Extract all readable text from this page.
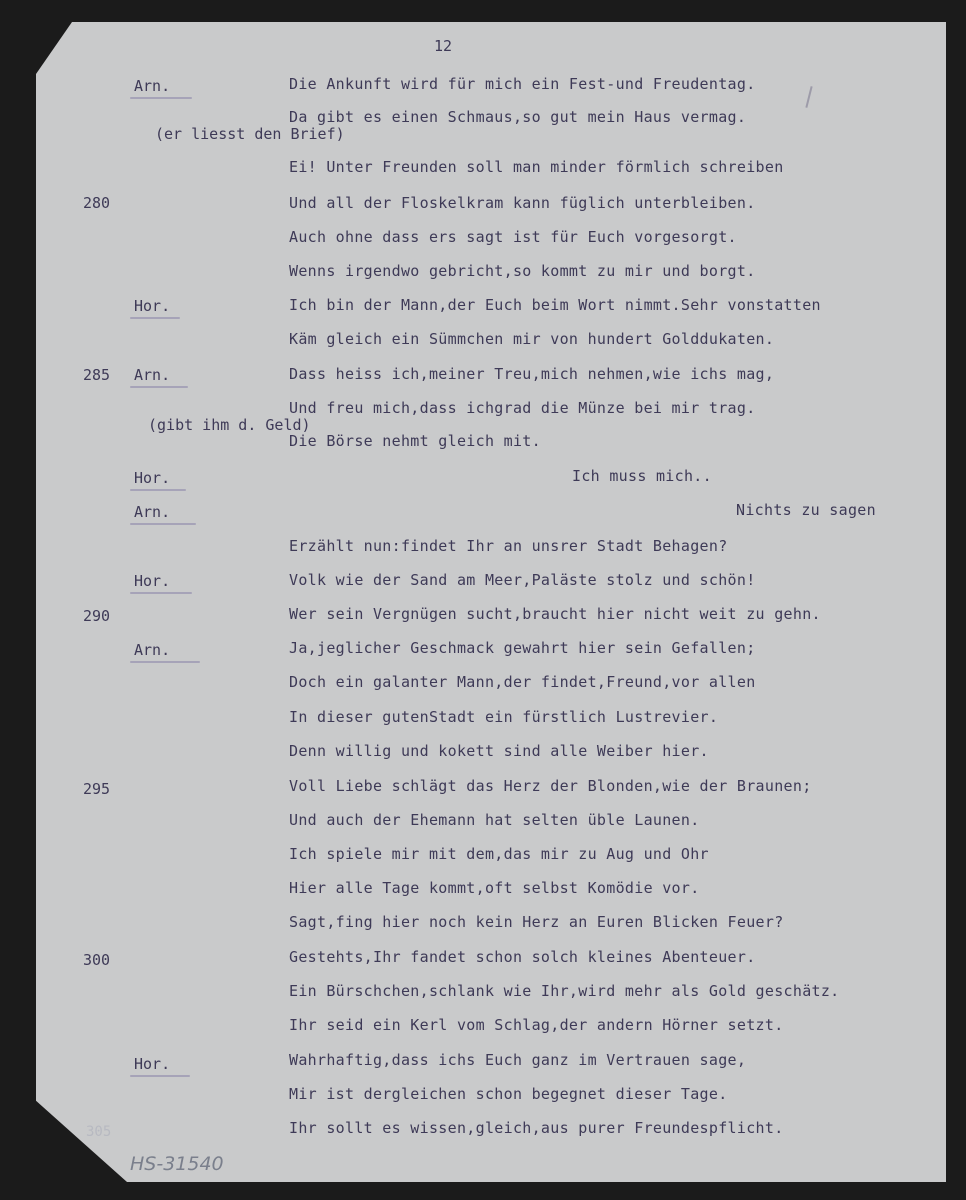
12
Arn.
Hor.
Arn.
Hor.
Arn.
Hor.
Arn.
Hor.
(er liesst den Brief)
(gibt ihm d. Geld)
280
285
290
295
300
Die Ankunft wird für mich ein Fest-und Freudentag.
Da gibt es einen Schmaus,so gut mein Haus vermag.
Ei! Unter Freunden soll man minder förmlich schreiben
Und all der Floskelkram kann füglich unterbleiben.
Auch ohne dass ers sagt ist für Euch vorgesorgt.
Wenns irgendwo gebricht,so kommt zu mir und borgt.
Ich bin der Mann,der Euch beim Wort nimmt.Sehr vonstatten
Käm gleich ein Sümmchen mir von hundert Golddukaten.
Dass heiss ich,meiner Treu,mich nehmen,wie ichs mag,
Und freu mich,dass ichgrad die Münze bei mir trag.
Die Börse nehmt gleich mit.
Ich muss mich..
Nichts zu sagen
Erzählt nun:findet Ihr an unsrer Stadt Behagen?
Volk wie der Sand am Meer,Paläste stolz und schön!
Wer sein Vergnügen sucht,braucht hier nicht weit zu gehn.
Ja,jeglicher Geschmack gewahrt hier sein Gefallen;
Doch ein galanter Mann,der findet,Freund,vor allen
In dieser gutenStadt ein fürstlich Lustrevier.
Denn willig und kokett sind alle Weiber hier.
Voll Liebe schlägt das Herz der Blonden,wie der Braunen;
Und auch der Ehemann hat selten üble Launen.
Ich spiele mir mit dem,das mir zu Aug und Ohr
Hier alle Tage kommt,oft selbst Komödie vor.
Sagt,fing hier noch kein Herz an Euren Blicken Feuer?
Gestehts,Ihr fandet schon solch kleines Abenteuer.
Ein Bürschchen,schlank wie Ihr,wird mehr als Gold geschätz.
Ihr seid ein Kerl vom Schlag,der andern Hörner setzt.
Wahrhaftig,dass ichs Euch ganz im Vertrauen sage,
Mir ist dergleichen schon begegnet dieser Tage.
Ihr sollt es wissen,gleich,aus purer Freundespflicht.
305
HS-31540
